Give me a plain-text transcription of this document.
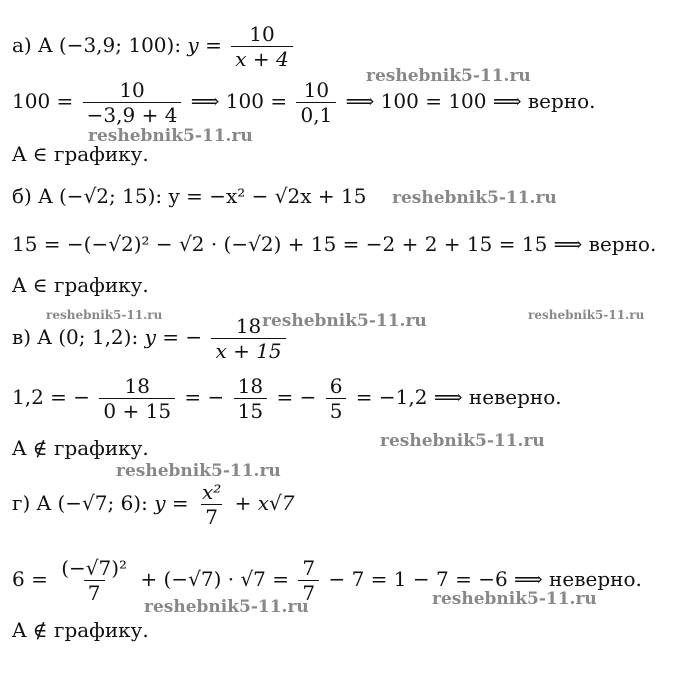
а) A (−3,9; 100): $y = \frac{10}{x + 4}$
$100 = \frac{10}{-3,9 + 4}$ ⟹ $100 = \frac{10}{0,1}$ ⟹ 100 = 100 ⟹ верно.
A ∈ графику.
б) A (−√2; 15): y = −x² − √2x + 15
15 = −(−√2)² − √2 · (−√2) + 15 = −2 + 2 + 15 = 15 ⟹ верно.
A ∈ графику.
в) A (0; 1,2): y = − $\frac{18}{x + 15}$
1,2 = − $\frac{18}{0 + 15}$ = − $\frac{18}{15}$ = − $\frac{6}{5} = -1,2$ ⟹ неверно.
A ∉ графику.
г) A (−√7; 6): $y = \frac{\text{x²}}{7} + x√7$
$6 = \frac{\text{(−√7)²}}{7} + (-√7) \cdot √7 = \frac{7}{7} - 7 = 1 - 7 = -6$ ⟹ неверно.
A ∉ графику.
reshebnik5-11.ru
reshebnik5-11.ru
reshebnik5-11.ru
reshebnik5-11.ru	reshebnik5-11.ru	reshebnik5-11.ru
reshebnik5-11.ru
reshebnik5-11.ru
reshebnik5-11.ru
reshebnik5-11.ru
